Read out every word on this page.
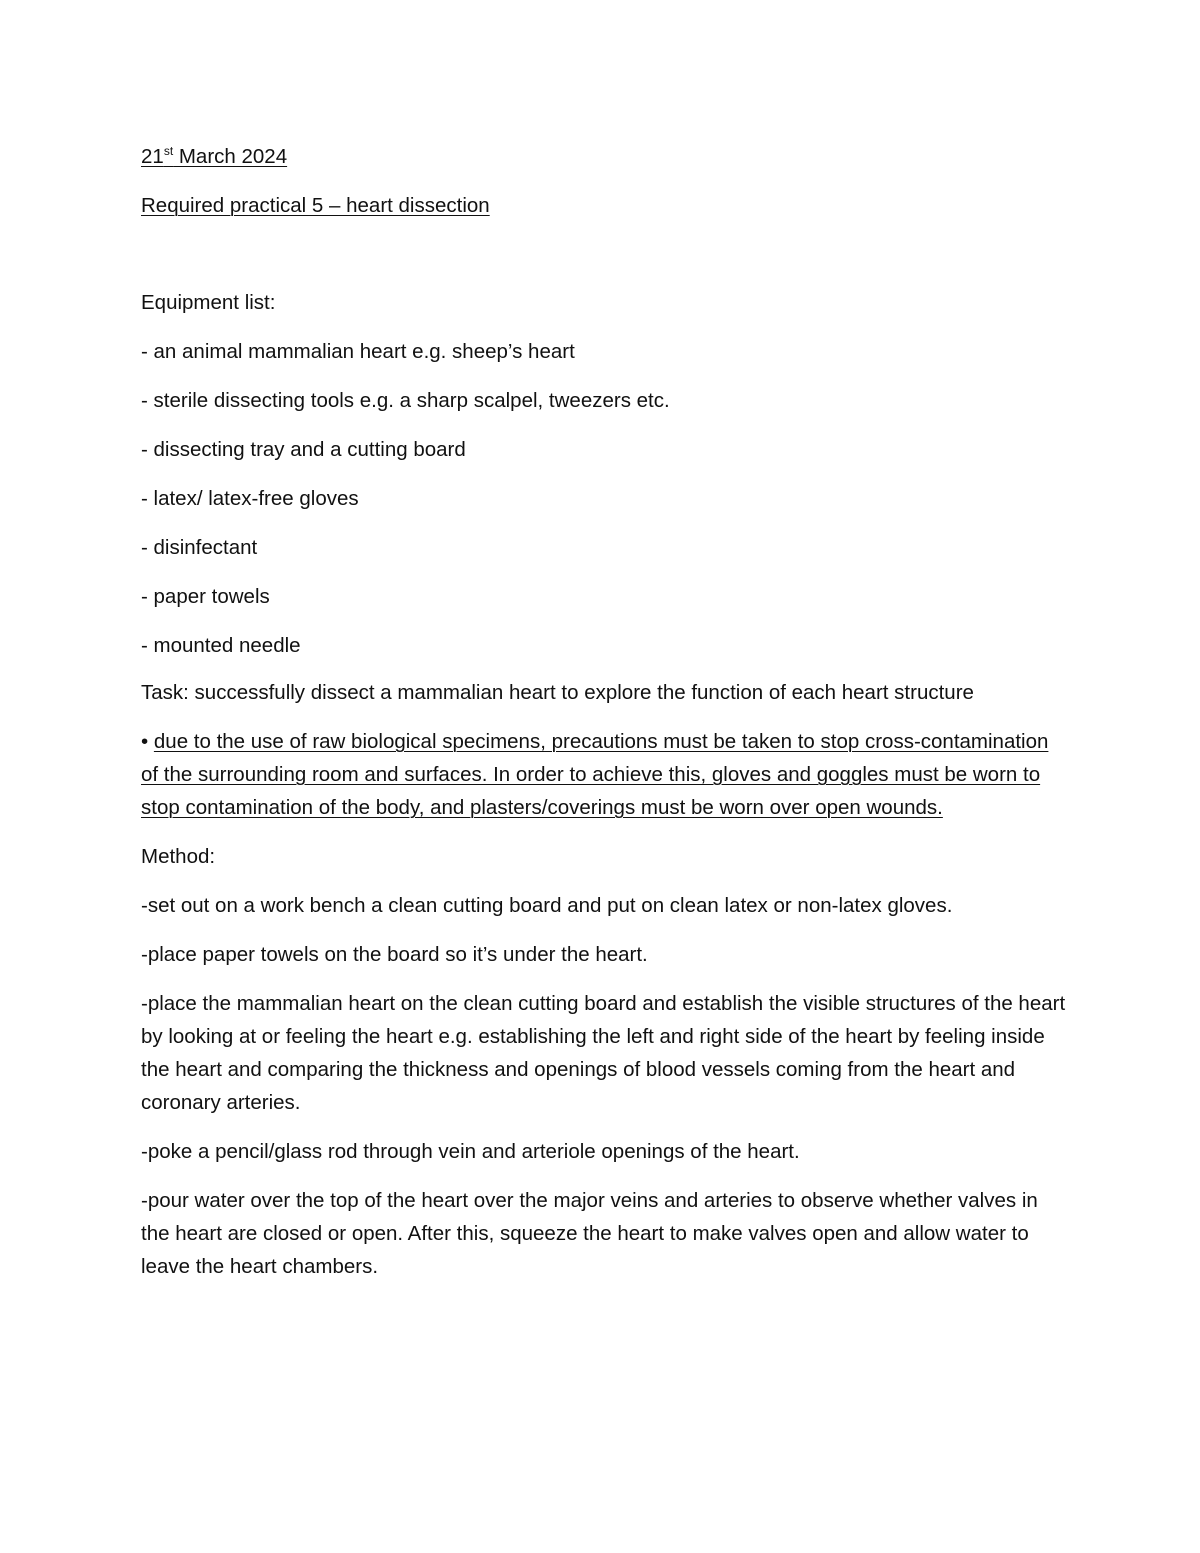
21st March 2024
Required practical 5 – heart dissection
Equipment list:
- an animal mammalian heart e.g. sheep’s heart
- sterile dissecting tools e.g. a sharp scalpel, tweezers etc.
- dissecting tray and a cutting board
- latex/ latex-free gloves
- disinfectant
- paper towels
- mounted needle
Task: successfully dissect a mammalian heart to explore the function of each heart structure
• due to the use of raw biological specimens, precautions must be taken to stop cross-contamination of the surrounding room and surfaces. In order to achieve this, gloves and goggles must be worn to stop contamination of the body, and plasters/coverings must be worn over open wounds.
Method:
-set out on a work bench a clean cutting board and put on clean latex or non-latex gloves.
-place paper towels on the board so it’s under the heart.
-place the mammalian heart on the clean cutting board and establish the visible structures of the heart by looking at or feeling the heart e.g. establishing the left and right side of the heart by feeling inside the heart and comparing the thickness and openings of blood vessels coming from the heart and coronary arteries.
-poke a pencil/glass rod through vein and arteriole openings of the heart.
-pour water over the top of the heart over the major veins and arteries to observe whether valves in the heart are closed or open. After this, squeeze the heart to make valves open and allow water to leave the heart chambers.
